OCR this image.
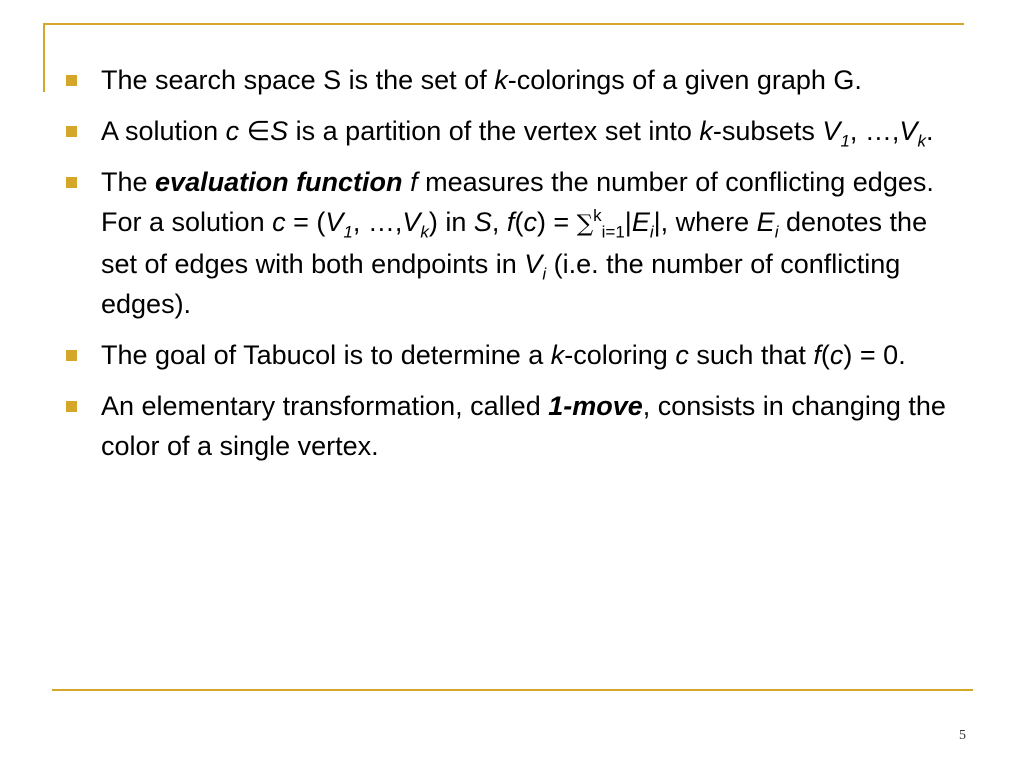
The search space S is the set of k-colorings of a given graph G.
A solution c ∈S is a partition of the vertex set into k-subsets $V_1$, $\dots,V_k$.
The evaluation function f measures the number of conflicting edges. For a solution $c = (V_1$, $\dots,V_k$) in S, $f(c) = \sum^k_{i=1}|E_i|$, where $E_i$ denotes the set of edges with both endpoints in $V_i$ (i.e. the number of conflicting edges).
The goal of Tabucol is to determine a k-coloring c such that f(c) = 0.
An elementary transformation, called 1-move, consists in changing the color of a single vertex.
5
